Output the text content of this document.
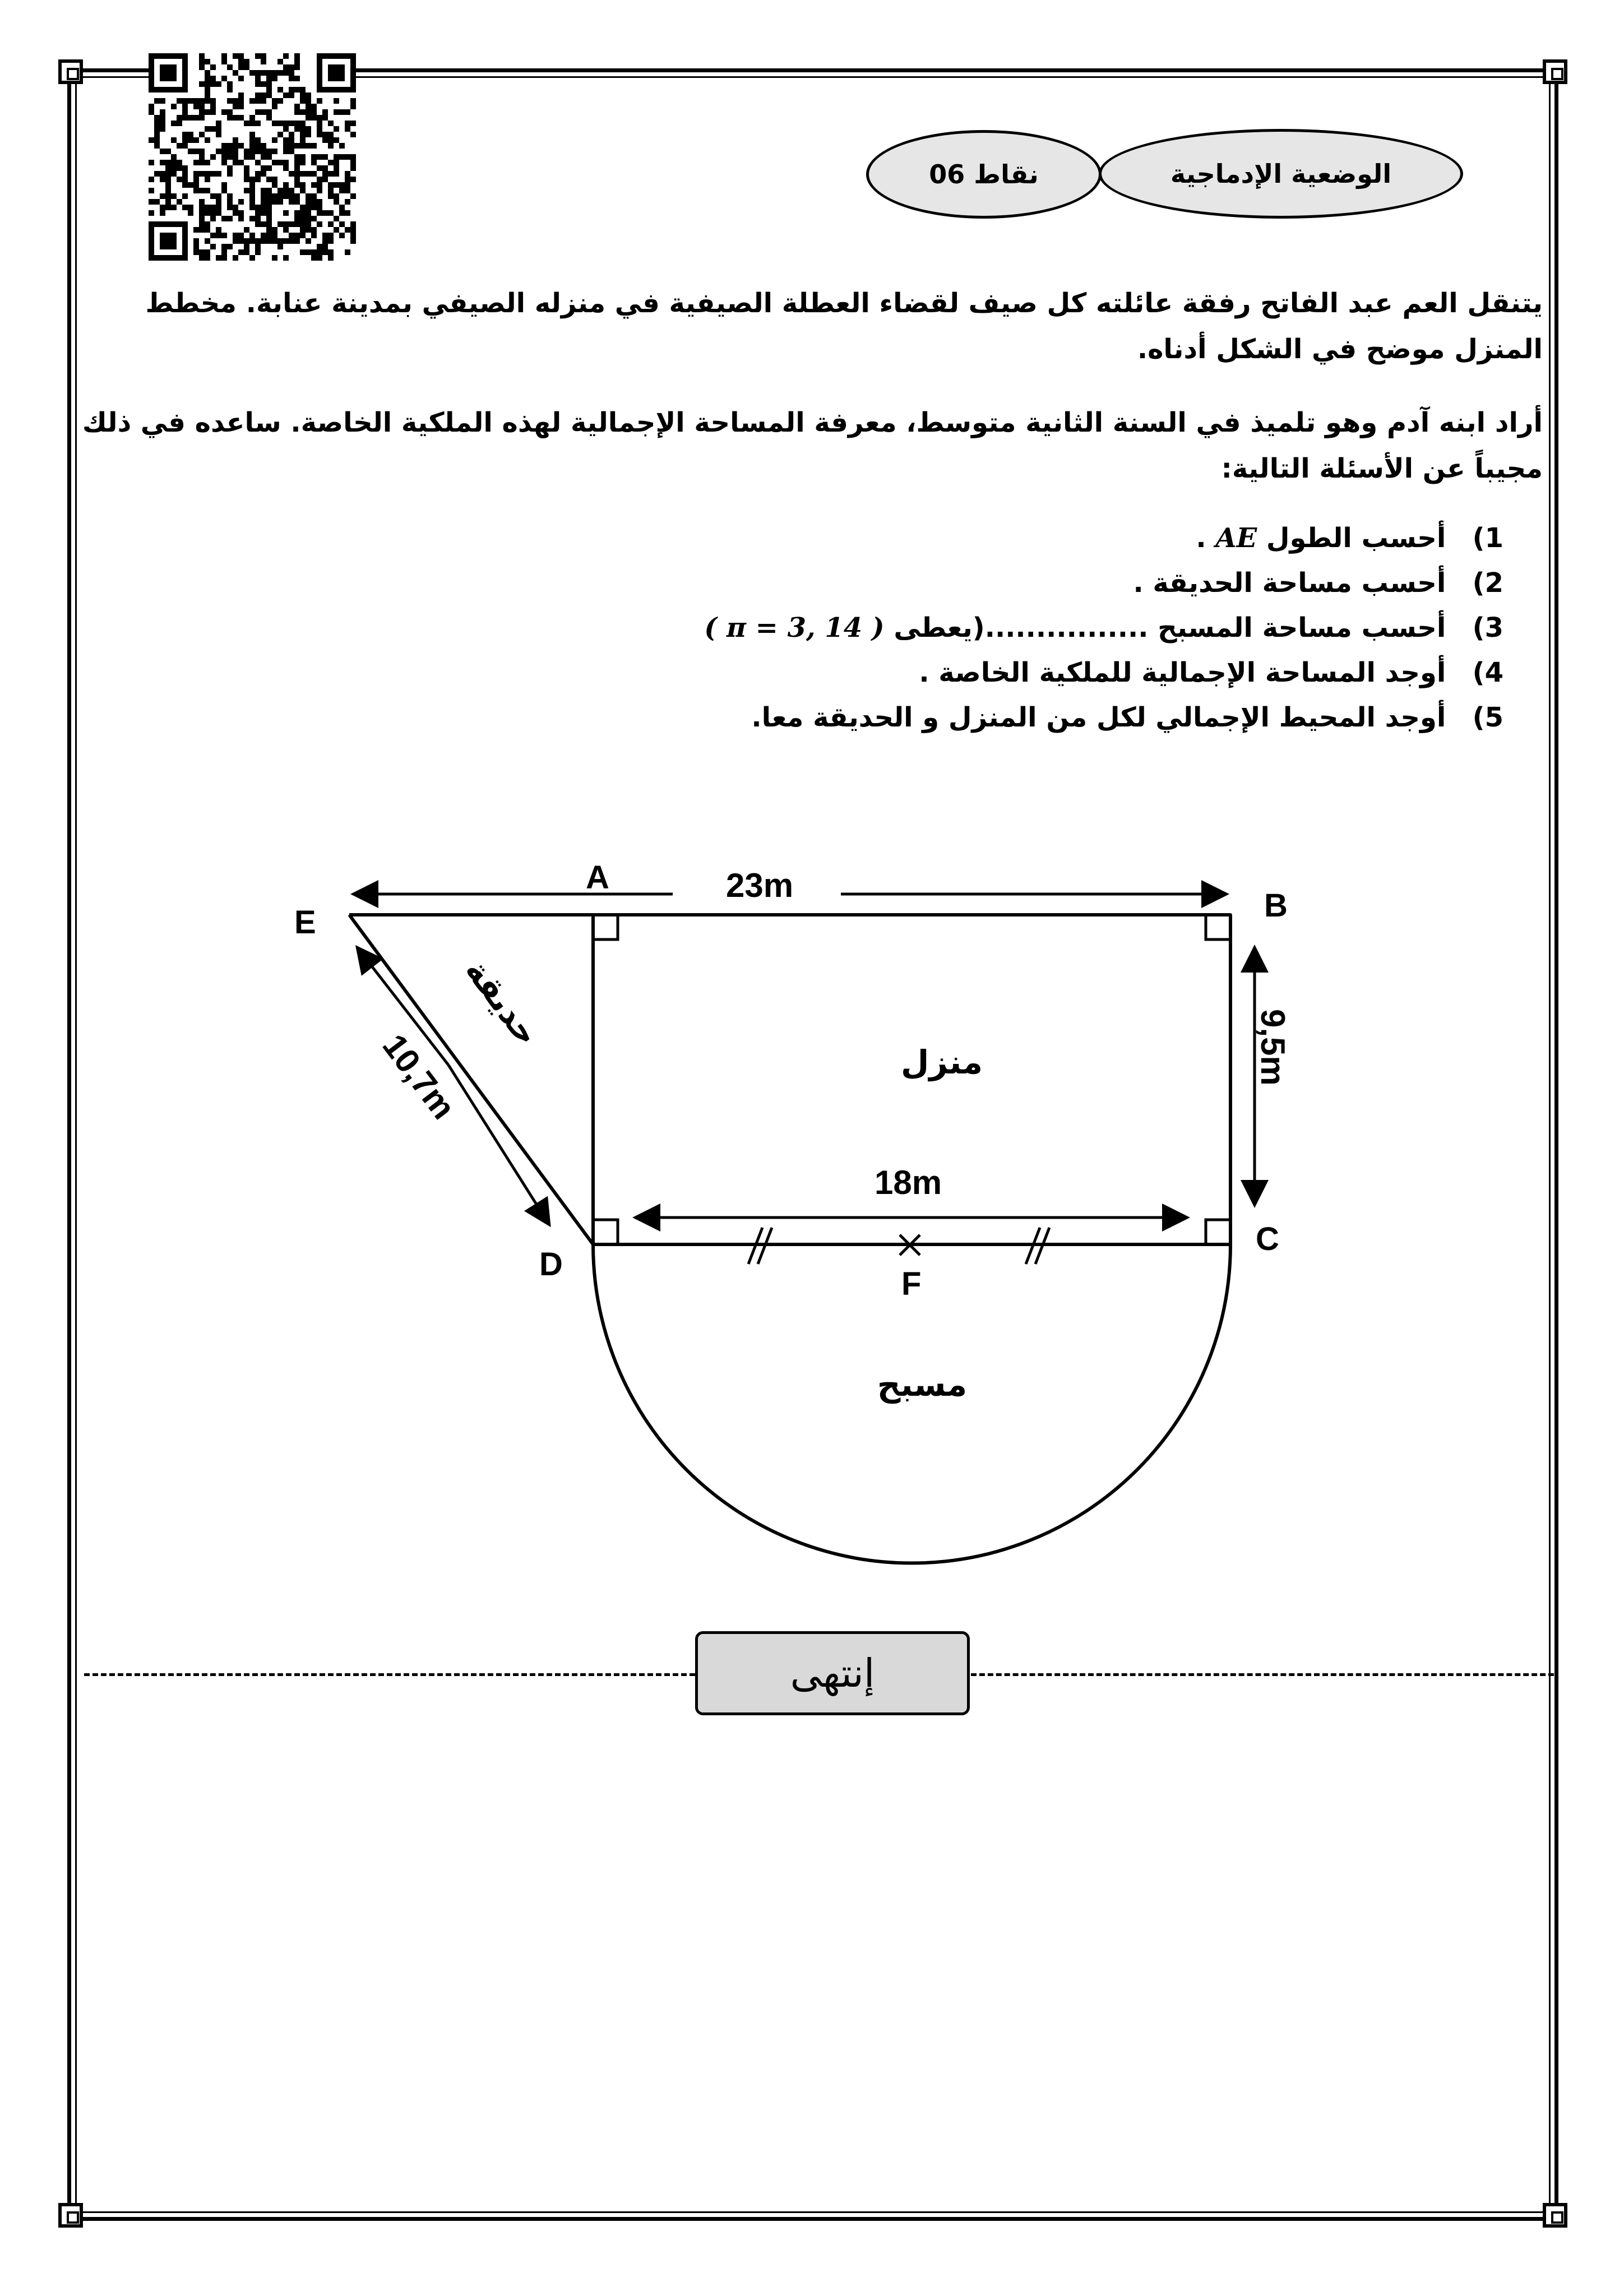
الوضعية الإدماجية
06 نقاط
يتنقل العم عبد الفاتح رفقة عائلته كل صيف لقضاء العطلة الصيفية في منزله الصيفي بمدينة عنابة. مخطط المنزل موضح في الشكل أدناه.
أراد ابنه آدم وهو تلميذ في السنة الثانية متوسط، معرفة المساحة الإجمالية لهذه الملكية الخاصة. ساعده في ذلك مجيباً عن الأسئلة التالية:
1) أحسب الطول AE .
2) أحسب مساحة الحديقة .
3) أحسب مساحة المسبح ................(يعطى ( π = 3, 14 )
4) أوجد المساحة الإجمالية للملكية الخاصة .
5) أوجد المحيط الإجمالي لكل من المنزل و الحديقة معا.
A
B
C
D
E
F
23m
18m
9,5m
10,7m	منزل
مسبح
حديقة
إنتهى
